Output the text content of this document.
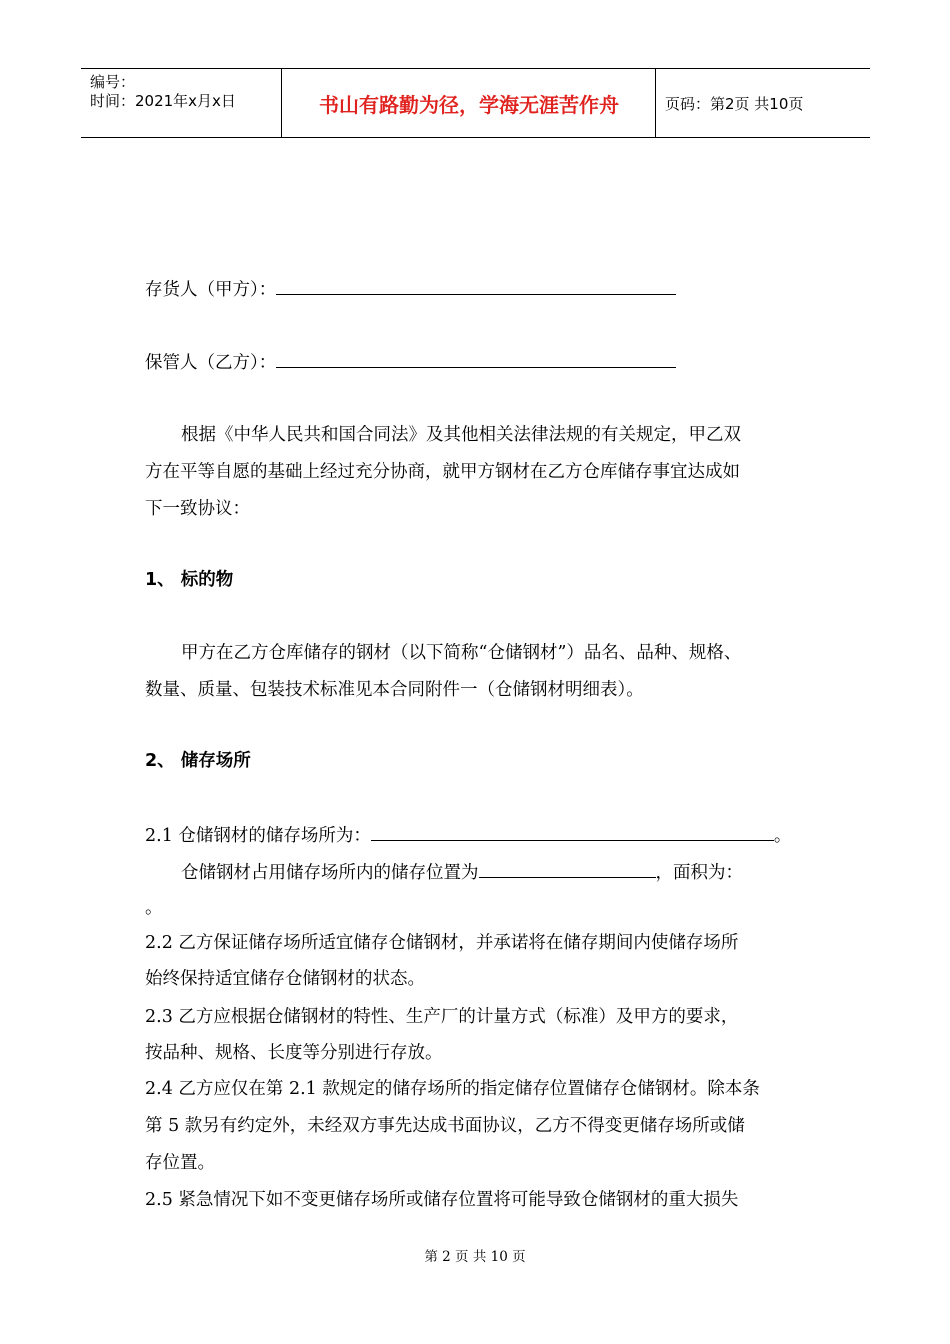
编号：
时间：2021年x月x日	书山有路勤为径，学海无涯苦作舟	页码：第2页 共10页
存货人（甲方）：
保管人（乙方）：
根据《中华人民共和国合同法》及其他相关法律法规的有关规定，甲乙双
方在平等自愿的基础上经过充分协商，就甲方钢材在乙方仓库储存事宜达成如
下一致协议：
1、 标的物
甲方在乙方仓库储存的钢材（以下简称“仓储钢材”）品名、品种、规格、
数量、质量、包装技术标准见本合同附件一（仓储钢材明细表）。
2、 储存场所
2.1 仓储钢材的储存场所为：	。
仓储钢材占用储存场所内的储存位置为	，面积为：
。
2.2 乙方保证储存场所适宜储存仓储钢材，并承诺将在储存期间内使储存场所
始终保持适宜储存仓储钢材的状态。
2.3 乙方应根据仓储钢材的特性、生产厂的计量方式（标准）及甲方的要求，
按品种、规格、长度等分别进行存放。
2.4 乙方应仅在第 2.1 款规定的储存场所的指定储存位置储存仓储钢材。除本条
第 5 款另有约定外，未经双方事先达成书面协议，乙方不得变更储存场所或储
存位置。
2.5 紧急情况下如不变更储存场所或储存位置将可能导致仓储钢材的重大损失
第 2 页 共 10 页
